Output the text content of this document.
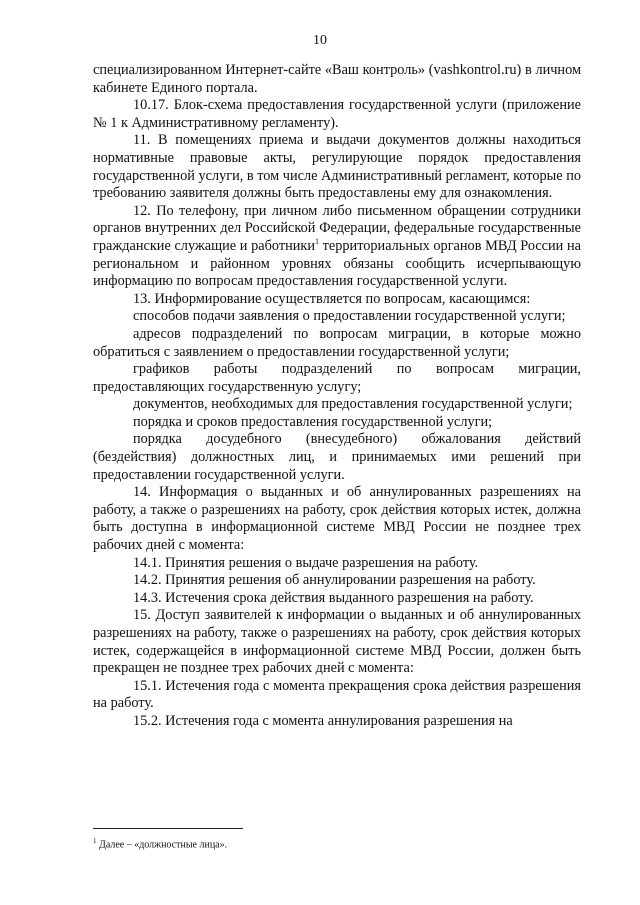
10

специализированном Интернет-сайте «Ваш контроль» (vashkontrol.ru) в личном кабинете Единого портала.

10.17. Блок-схема предоставления государственной услуги (приложение № 1 к Административному регламенту).

11. В помещениях приема и выдачи документов должны находиться нормативные правовые акты, регулирующие порядок предоставления государственной услуги, в том числе Административный регламент, которые по требованию заявителя должны быть предоставлены ему для ознакомления.

12. По телефону, при личном либо письменном обращении сотрудники органов внутренних дел Российской Федерации, федеральные государственные гражданские служащие и работники$^1$ территориальных органов МВД России на региональном и районном уровнях обязаны сообщить исчерпывающую информацию по вопросам предоставления государственной услуги.

13. Информирование осуществляется по вопросам, касающимся:

способов подачи заявления о предоставлении государственной услуги;

адресов подразделений по вопросам миграции, в которые можно обратиться с заявлением о предоставлении государственной услуги;

графиков работы подразделений по вопросам миграции, предоставляющих государственную услугу;

документов, необходимых для предоставления государственной услуги;

порядка и сроков предоставления государственной услуги;

порядка досудебного (внесудебного) обжалования действий (бездействия) должностных лиц, и принимаемых ими решений при предоставлении государственной услуги.

14. Информация о выданных и об аннулированных разрешениях на работу, а также о разрешениях на работу, срок действия которых истек, должна быть доступна в информационной системе МВД России не позднее трех рабочих дней с момента:

14.1. Принятия решения о выдаче разрешения на работу.

14.2. Принятия решения об аннулировании разрешения на работу.

14.3. Истечения срока действия выданного разрешения на работу.

15. Доступ заявителей к информации о выданных и об аннулированных разрешениях на работу, также о разрешениях на работу, срок действия которых истек, содержащейся в информационной системе МВД России, должен быть прекращен не позднее трех рабочих дней с момента:

15.1. Истечения года с момента прекращения срока действия разрешения на работу.

15.2. Истечения года с момента аннулирования разрешения на

$^1$ Далее – «должностные лица».
